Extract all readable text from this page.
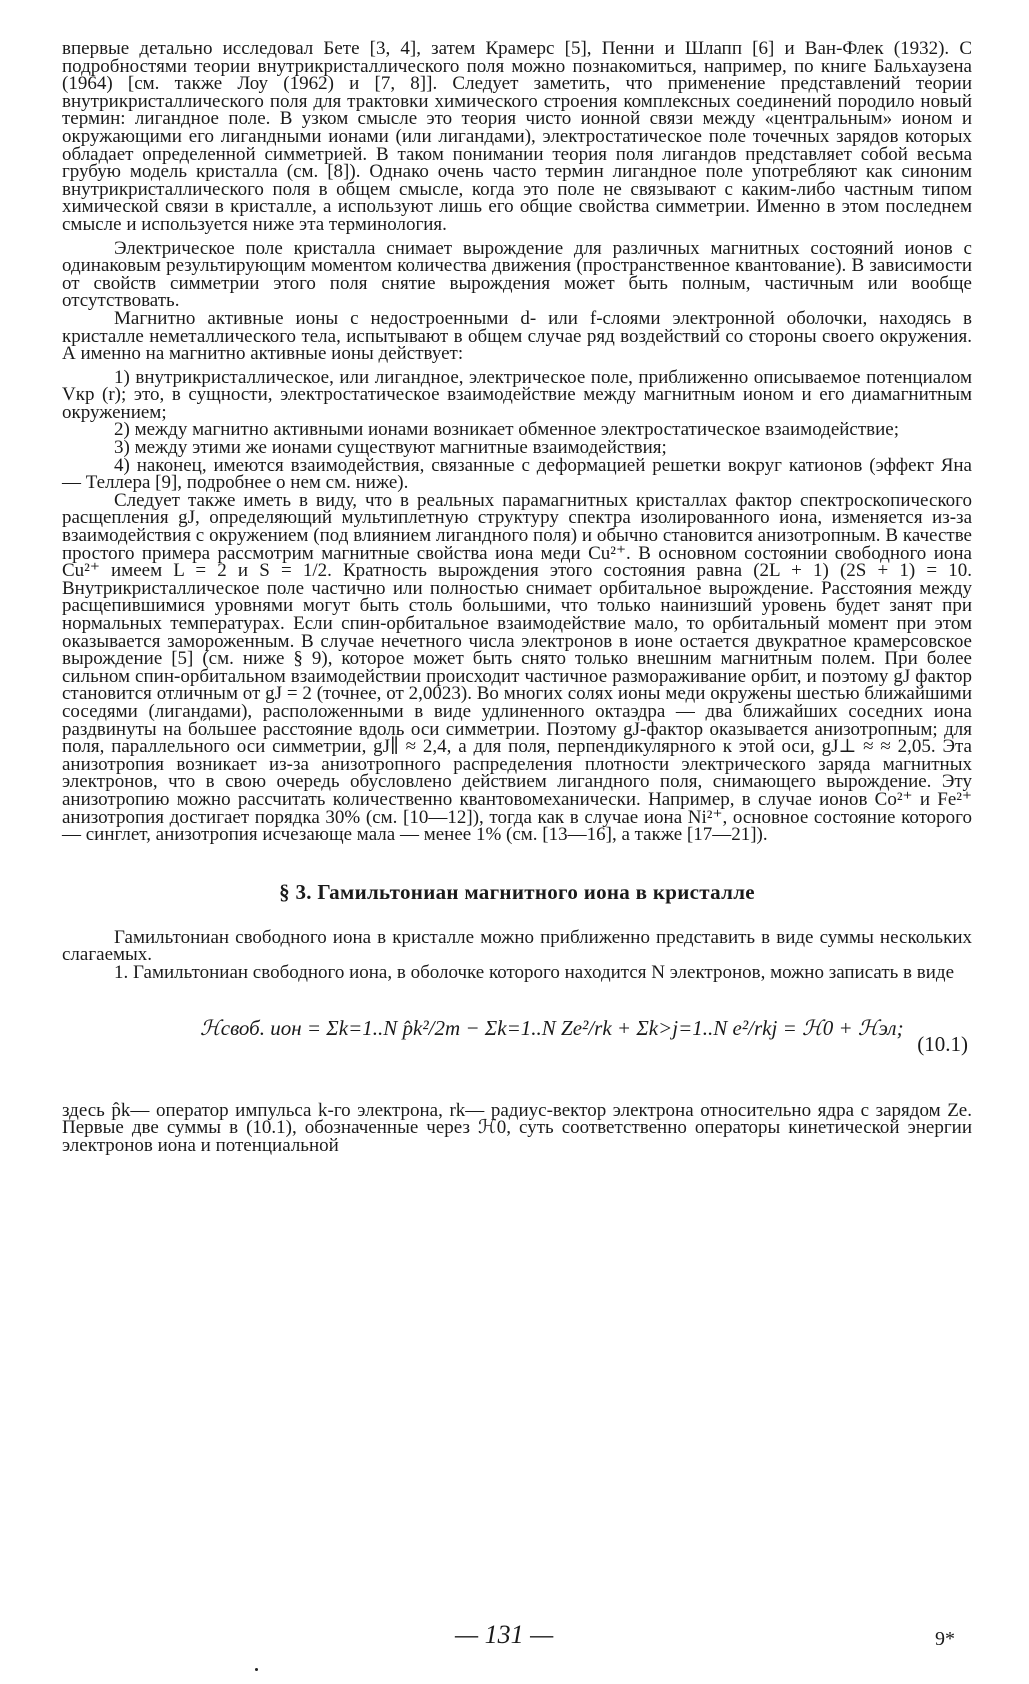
впервые детально исследовал Бете [3, 4], затем Крамерс [5], Пенни и Шлапп [6] и Ван-Флек (1932). С подробностями теории внутрикристаллического поля можно познакомиться, например, по книге Бальхаузена (1964) [см. также Лоу (1962) и [7, 8]]. Следует заметить, что применение представлений теории внутрикристаллического поля для трактовки химического строения комплексных соединений породило новый термин: лигандное поле. В узком смысле это теория чисто ионной связи между «центральным» ионом и окружающими его лигандными ионами (или лигандами), электростатическое поле точечных зарядов которых обладает определенной симметрией. В таком понимании теория поля лигандов представляет собой весьма грубую модель кристалла (см. [8]). Однако очень часто термин лигандное поле употребляют как синоним внутрикристаллического поля в общем смысле, когда это поле не связывают с каким-либо частным типом химической связи в кристалле, а используют лишь его общие свойства симметрии. Именно в этом последнем смысле и используется ниже эта терминология.

Электрическое поле кристалла снимает вырождение для различных магнитных состояний ионов с одинаковым результирующим моментом количества движения (пространственное квантование). В зависимости от свойств симметрии этого поля снятие вырождения может быть полным, частичным или вообще отсутствовать.

Магнитно активные ионы с недостроенными d- или f-слоями электронной оболочки, находясь в кристалле неметаллического тела, испытывают в общем случае ряд воздействий со стороны своего окружения. А именно на магнитно активные ионы действует:

1) внутрикристаллическое, или лигандное, электрическое поле, приближенно описываемое потенциалом Vкр (r); это, в сущности, электростатическое взаимодействие между магнитным ионом и его диамагнитным окружением;

2) между магнитно активными ионами возникает обменное электростатическое взаимодействие;

3) между этими же ионами существуют магнитные взаимодействия;

4) наконец, имеются взаимодействия, связанные с деформацией решетки вокруг катионов (эффект Яна — Теллера [9], подробнее о нем см. ниже).

Следует также иметь в виду, что в реальных парамагнитных кристаллах фактор спектроскопического расщепления gJ, определяющий мультиплетную структуру спектра изолированного иона, изменяется из-за взаимодействия с окружением (под влиянием лигандного поля) и обычно становится анизотропным. В качестве простого примера рассмотрим магнитные свойства иона меди Cu²⁺. В основном состоянии свободного иона Cu²⁺ имеем L = 2 и S = 1/2. Кратность вырождения этого состояния равна (2L + 1) (2S + 1) = 10. Внутрикристаллическое поле частично или полностью снимает орбитальное вырождение. Расстояния между расщепившимися уровнями могут быть столь большими, что только наинизший уровень будет занят при нормальных температурах. Если спин-орбитальное взаимодействие мало, то орбитальный момент при этом оказывается замороженным. В случае нечетного числа электронов в ионе остается двукратное крамерсовское вырождение [5] (см. ниже § 9), которое может быть снято только внешним магнитным полем. При более сильном спин-орбитальном взаимодействии происходит частичное размораживание орбит, и поэтому gJ фактор становится отличным от gJ = 2 (точнее, от 2,0023). Во многих солях ионы меди окружены шестью ближайшими соседями (лигандами), расположенными в виде удлиненного октаэдра — два ближайших соседних иона раздвинуты на бо́льшее расстояние вдоль оси симметрии. Поэтому gJ-фактор оказывается анизотропным; для поля, параллельного оси симметрии, gJ∥ ≈ 2,4, а для поля, перпендикулярного к этой оси, gJ⊥ ≈ ≈ 2,05. Эта анизотропия возникает из-за анизотропного распределения плотности электрического заряда магнитных электронов, что в свою очередь обусловлено действием лигандного поля, снимающего вырождение. Эту анизотропию можно рассчитать количественно квантовомеханически. Например, в случае ионов Co²⁺ и Fe²⁺ анизотропия достигает порядка 30% (см. [10—12]), тогда как в случае иона Ni²⁺, основное состояние которого — синглет, анизотропия исчезающе мала — менее 1% (см. [13—16], а также [17—21]).

§ 3. Гамильтониан магнитного иона в кристалле

Гамильтониан свободного иона в кристалле можно приближенно представить в виде суммы нескольких слагаемых.

1. Гамильтониан свободного иона, в оболочке которого находится N электронов, можно записать в виде

ℋсвоб. ион = Σk=1..N p̂k²/2m − Σk=1..N Ze²/rk + Σk>j=1..N e²/rkj = ℋ0 + ℋэл;
(10.1)

здесь p̂k— оператор импульса k-го электрона, rk— радиус-вектор электрона относительно ядра с зарядом Ze. Первые две суммы в (10.1), обозначенные через ℋ0, суть соответственно операторы кинетической энергии электронов иона и потенциальной

— 131 —	9*
